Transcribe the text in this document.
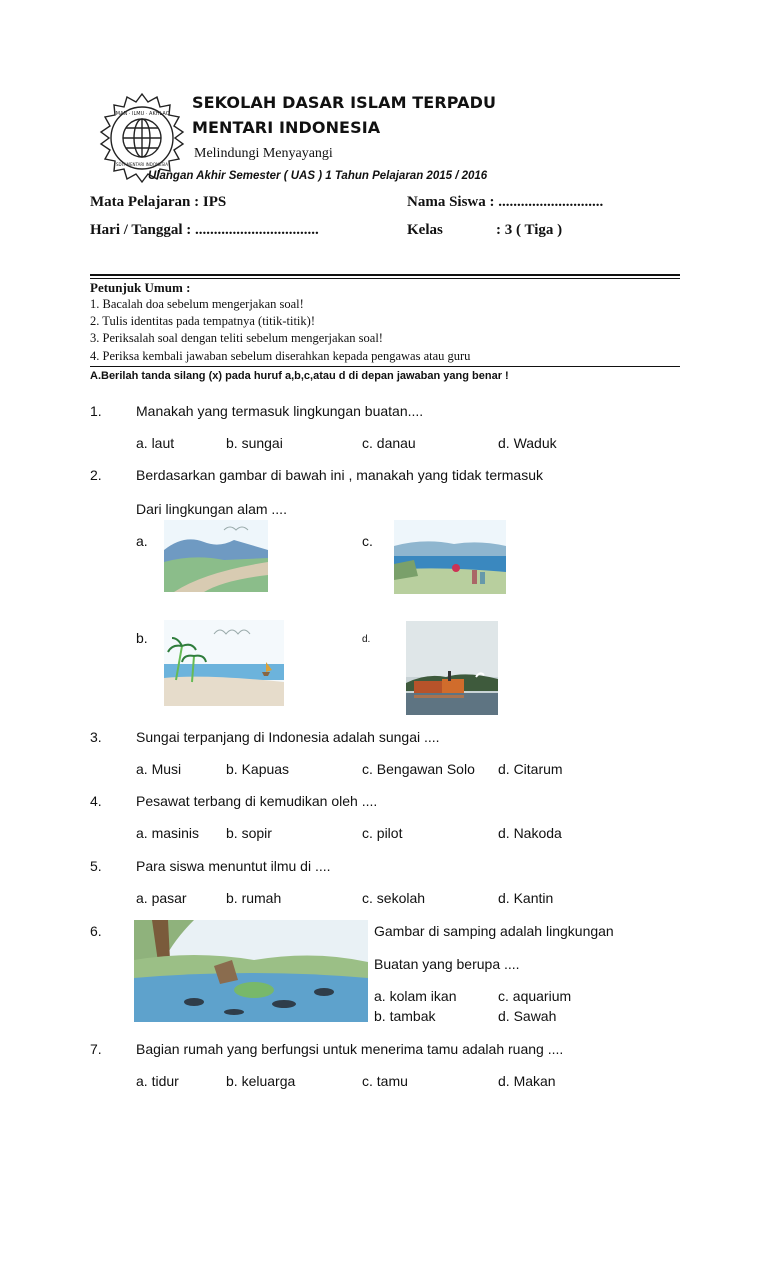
IMAN · ILMU · AKHLAQ
SDIT MENTARI INDONESIA
SEKOLAH DASAR ISLAM TERPADU
MENTARI INDONESIA
Melindungi Menyayangi
Ulangan Akhir Semester ( UAS ) 1 Tahun Pelajaran 2015 / 2016
Mata Pelajaran : IPS	Nama Siswa : ............................
Hari / Tanggal : .................................	Kelas	: 3 ( Tiga )
Petunjuk Umum :
1. Bacalah doa sebelum mengerjakan soal!
2. Tulis identitas pada tempatnya (titik-titik)!
3. Periksalah soal dengan teliti sebelum mengerjakan soal!
4. Periksa kembali jawaban sebelum diserahkan kepada pengawas atau guru
A.Berilah tanda silang (x) pada huruf a,b,c,atau d di depan jawaban yang benar !
1. Manakah yang termasuk lingkungan buatan....
a. laut	b. sungai	c. danau	d. Waduk
2. Berdasarkan gambar di bawah ini , manakah yang tidak termasuk
Dari lingkungan alam ....
a.	c.
b.	d.
3. Sungai terpanjang di Indonesia adalah sungai ....
a. Musi	b. Kapuas	c. Bengawan Solo d. Citarum
4. Pesawat terbang di kemudikan oleh ....
a. masinis b. sopir	c. pilot	d. Nakoda
5. Para siswa menuntut ilmu di ....
a. pasar	b. rumah	c. sekolah	d. Kantin
6.	Gambar di samping adalah lingkungan
Buatan yang berupa ....
a. kolam ikan	c. aquarium
b. tambak	d. Sawah
7. Bagian rumah yang berfungsi untuk menerima tamu adalah ruang ....
a. tidur	b. keluarga	c. tamu	d. Makan
